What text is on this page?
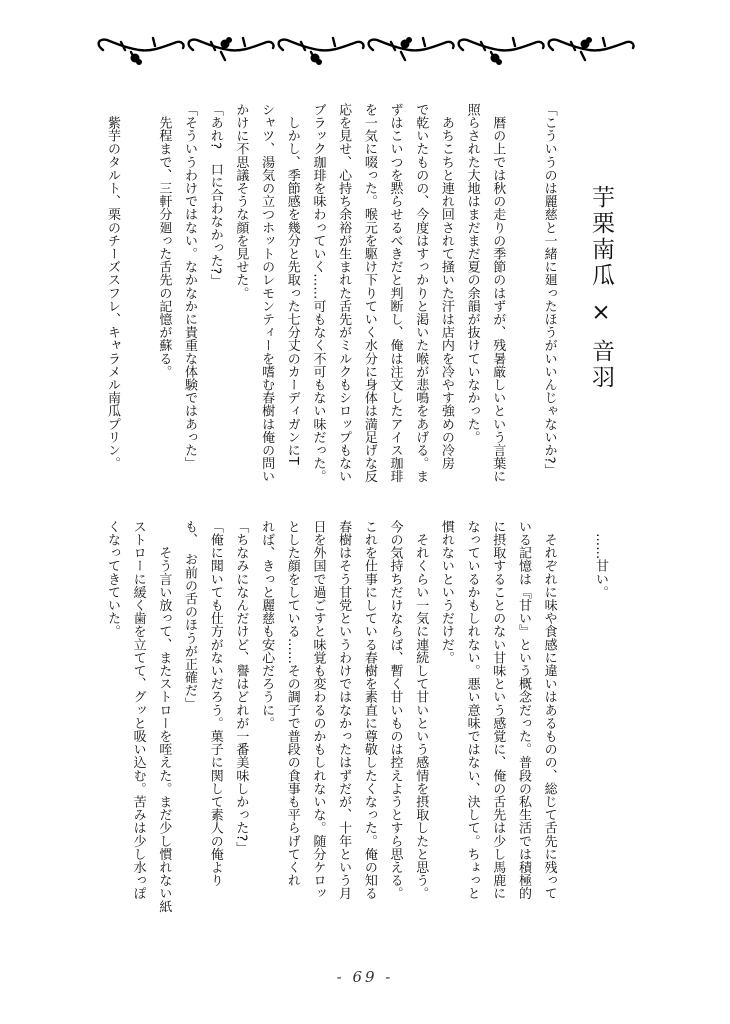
芋栗南瓜 × 音羽
「こういうのは麗慈と一緒に廻ったほうがいいんじゃないか?」
　暦の上では秋の走りの季節のはずが、残暑厳しいという言葉に
照らされた大地はまだまだ夏の余韻が抜けていなかった。
　あちこちと連れ回されて掻いた汗は店内を冷やす強めの冷房
で乾いたものの、今度はすっかりと渇いた喉が悲鳴をあげる。ま
ずはこいつを黙らせるべきだと判断し、俺は注文したアイス珈琲
を一気に啜った。喉元を駆け下りていく水分に身体は満足げな反
応を見せ、心持ち余裕が生まれた舌先がミルクもシロップもない
ブラック珈琲を味わっていく……可もなく不可もない味だった。
　しかし、季節感を幾分と先取った七分丈のカーディガンにT
シャツ、湯気の立つホットのレモンティーを嗜む春樹は俺の問い
かけに不思議そうな顔を見せた。
「あれ?　口に合わなかった?」
「そういうわけではない。なかなかに貴重な体験ではあった」
　先程まで、三軒分廻った舌先の記憶が蘇る。
　紫芋のタルト、栗のチーズスフレ、キャラメル南瓜プリン。
　……甘い。
　それぞれに味や食感に違いはあるものの、総じて舌先に残って
いる記憶は『甘い』という概念だった。普段の私生活では積極的
に摂取することのない甘味という感覚に、俺の舌先は少し馬鹿に
なっているかもしれない。悪い意味ではない、決して。ちょっと
慣れないというだけだ。
　それくらい一気に連続して甘いという感情を摂取したと思う。
今の気持ちだけならば、暫く甘いものは控えようとすら思える。
これを仕事にしている春樹を素直に尊敬したくなった。俺の知る
春樹はそう甘党というわけではなかったはずだが、十年という月
日を外国で過ごすと味覚も変わるのかもしれないな。随分ケロッ
とした顔をしている……その調子で普段の食事も平らげてくれ
れば、きっと麗慈も安心だろうに。
「ちなみになんだけど、譽はどれが一番美味しかった?」
「俺に聞いても仕方がないだろう。菓子に関して素人の俺より
も、　お前の舌のほうが正確だ」
　　そう言い放って、またストローを咥えた。まだ少し慣れない紙
ストローに緩く歯を立てて、グッと吸い込む。苦みは少し水っぽ
くなってきていた。
- 69 -
